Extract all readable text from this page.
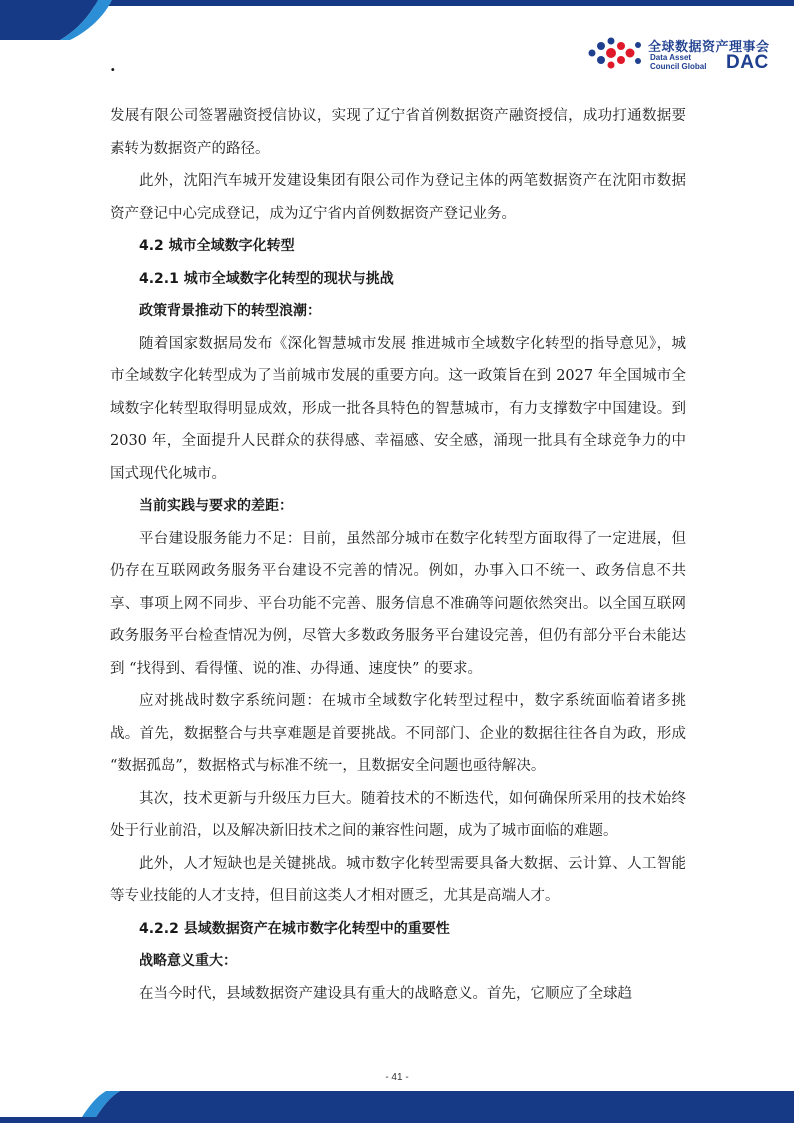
.
全球数据资产理事会
Data Asset
Council Global DAC

发展有限公司签署融资授信协议，实现了辽宁省首例数据资产融资授信，成功打通数据要素转为数据资产的路径。

此外，沈阳汽车城开发建设集团有限公司作为登记主体的两笔数据资产在沈阳市数据资产登记中心完成登记，成为辽宁省内首例数据资产登记业务。

4.2 城市全域数字化转型

4.2.1 城市全域数字化转型的现状与挑战

政策背景推动下的转型浪潮：

随着国家数据局发布《深化智慧城市发展 推进城市全域数字化转型的指导意见》，城市全域数字化转型成为了当前城市发展的重要方向。这一政策旨在到 2027 年全国城市全域数字化转型取得明显成效，形成一批各具特色的智慧城市，有力支撑数字中国建设。到 2030 年，全面提升人民群众的获得感、幸福感、安全感，涌现一批具有全球竞争力的中国式现代化城市。

当前实践与要求的差距：

平台建设服务能力不足：目前，虽然部分城市在数字化转型方面取得了一定进展，但仍存在互联网政务服务平台建设不完善的情况。例如，办事入口不统一、政务信息不共享、事项上网不同步、平台功能不完善、服务信息不准确等问题依然突出。以全国互联网政务服务平台检查情况为例，尽管大多数政务服务平台建设完善，但仍有部分平台未能达到 “找得到、看得懂、说的准、办得通、速度快” 的要求。

应对挑战时数字系统问题：在城市全域数字化转型过程中，数字系统面临着诸多挑战。首先，数据整合与共享难题是首要挑战。不同部门、企业的数据往往各自为政，形成 “数据孤岛”，数据格式与标准不统一，且数据安全问题也亟待解决。

其次，技术更新与升级压力巨大。随着技术的不断迭代，如何确保所采用的技术始终处于行业前沿，以及解决新旧技术之间的兼容性问题，成为了城市面临的难题。

此外，人才短缺也是关键挑战。城市数字化转型需要具备大数据、云计算、人工智能等专业技能的人才支持，但目前这类人才相对匮乏，尤其是高端人才。

4.2.2 县域数据资产在城市数字化转型中的重要性

战略意义重大：

在当今时代，县域数据资产建设具有重大的战略意义。首先，它顺应了全球趋

- 41 -
